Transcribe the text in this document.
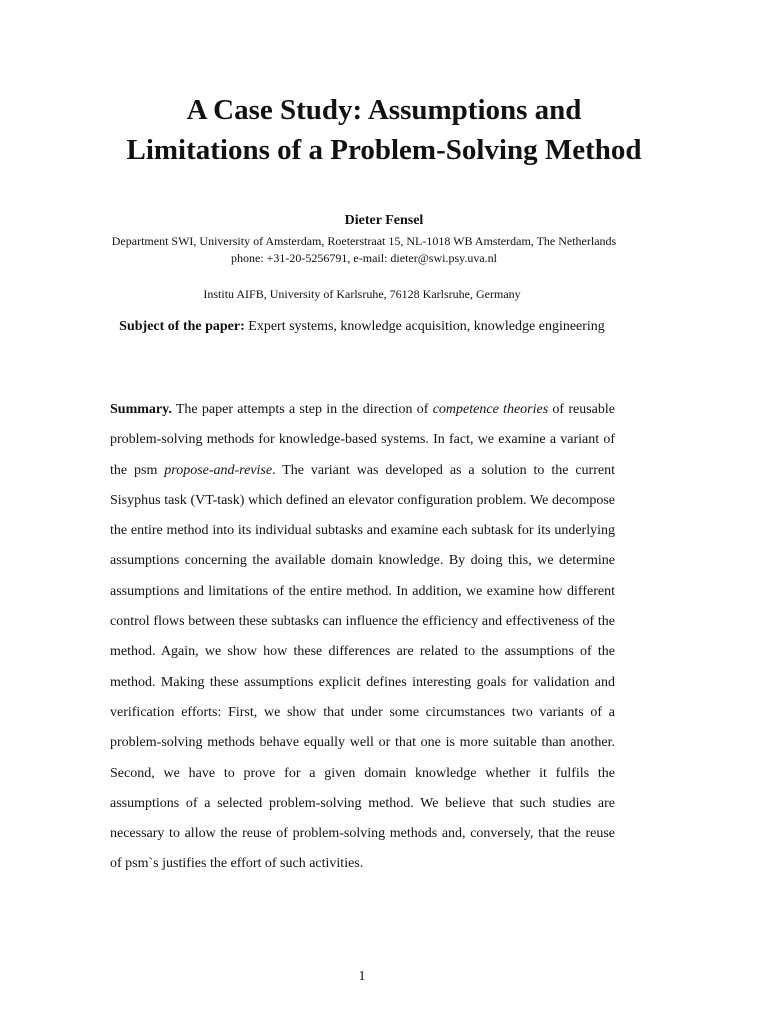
A Case Study: Assumptions and
Limitations of a Problem-Solving Method

Dieter Fensel

Department SWI, University of Amsterdam, Roeterstraat 15, NL-1018 WB Amsterdam, The Netherlands

phone: +31-20-5256791, e-mail: dieter@swi.psy.uva.nl

Institu AIFB, University of Karlsruhe, 76128 Karlsruhe, Germany

Subject of the paper: Expert systems, knowledge acquisition, knowledge engineering

Summary. The paper attempts a step in the direction of competence theories of reusable problem-solving methods for knowledge-based systems. In fact, we examine a variant of the psm propose-and-revise. The variant was developed as a solution to the current Sisyphus task (VT-task) which defined an elevator configuration problem. We decompose the entire method into its individual subtasks and examine each subtask for its underlying assumptions concerning the available domain knowledge. By doing this, we determine assumptions and limitations of the entire method. In addition, we examine how different control flows between these subtasks can influence the efficiency and effectiveness of the method. Again, we show how these differences are related to the assumptions of the method. Making these assumptions explicit defines interesting goals for validation and verification efforts: First, we show that under some circumstances two variants of a problem-solving methods behave equally well or that one is more suitable than another. Second, we have to prove for a given domain knowledge whether it fulfils the assumptions of a selected problem-solving method. We believe that such studies are necessary to allow the reuse of problem-solving methods and, conversely, that the reuse of psm`s justifies the effort of such activities.

1
